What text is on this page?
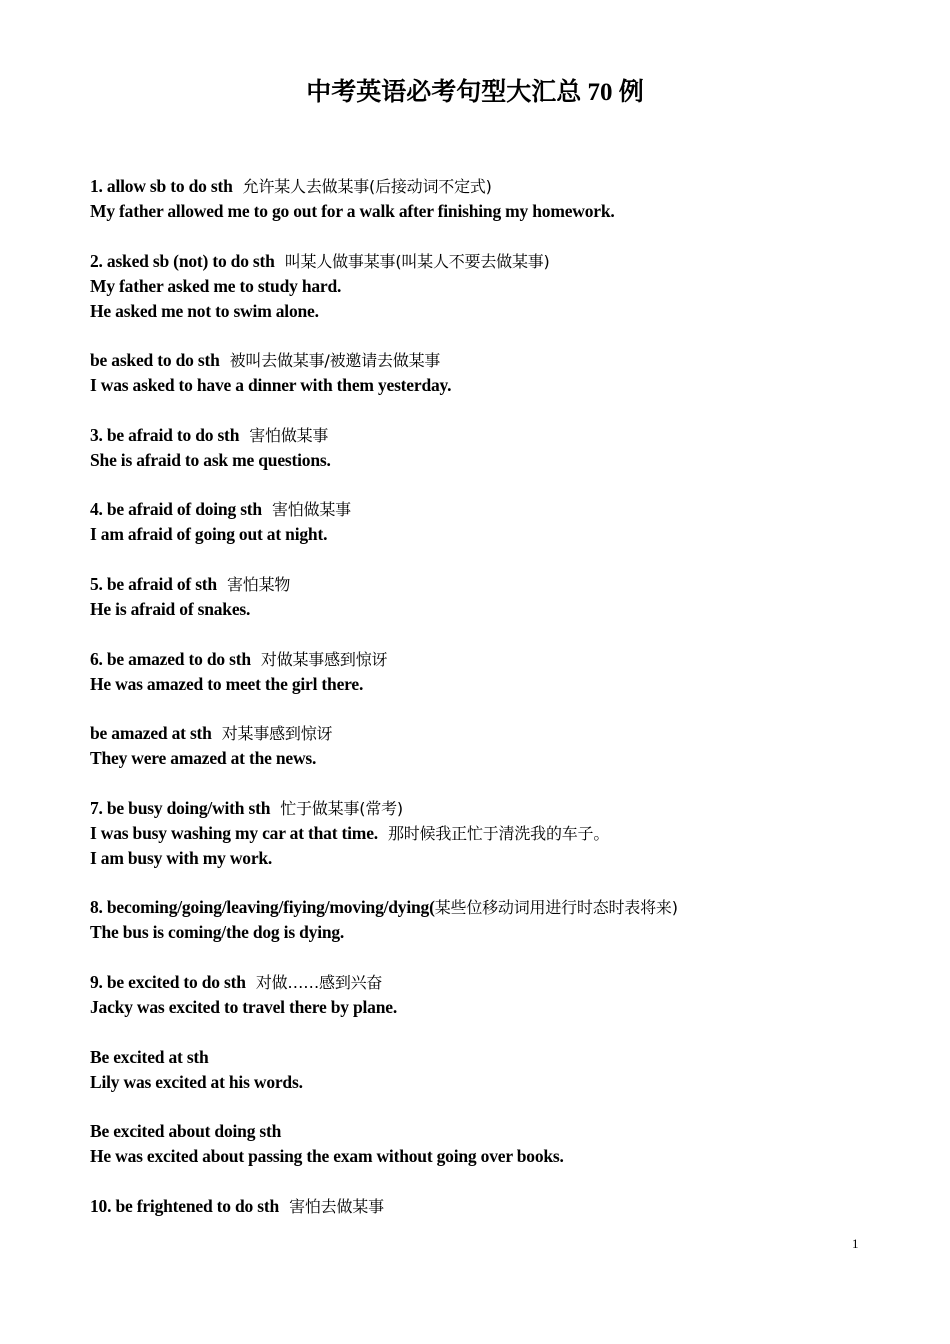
中考英语必考句型大汇总 70 例
1. allow sb to do sth 允许某人去做某事(后接动词不定式)
My father allowed me to go out for a walk after finishing my homework.
2. asked sb (not) to do sth 叫某人做事某事(叫某人不要去做某事)
My father asked me to study hard.
He asked me not to swim alone.
be asked to do sth 被叫去做某事/被邀请去做某事
I was asked to have a dinner with them yesterday.
3. be afraid to do sth 害怕做某事
She is afraid to ask me questions.
4. be afraid of doing sth 害怕做某事
I am afraid of going out at night.
5. be afraid of sth 害怕某物
He is afraid of snakes.
6. be amazed to do sth 对做某事感到惊讶
He was amazed to meet the girl there.
be amazed at sth 对某事感到惊讶
They were amazed at the news.
7. be busy doing/with sth 忙于做某事(常考)
I was busy washing my car at that time. 那时候我正忙于清洗我的车子。
I am busy with my work.
8. becoming/going/leaving/fiying/moving/dying(某些位移动词用进行时态时表将来)
The bus is coming/the dog is dying.
9. be excited to do sth 对做……感到兴奋
Jacky was excited to travel there by plane.
Be excited at sth
Lily was excited at his words.
Be excited about doing sth
He was excited about passing the exam without going over books.
10. be frightened to do sth 害怕去做某事
1
